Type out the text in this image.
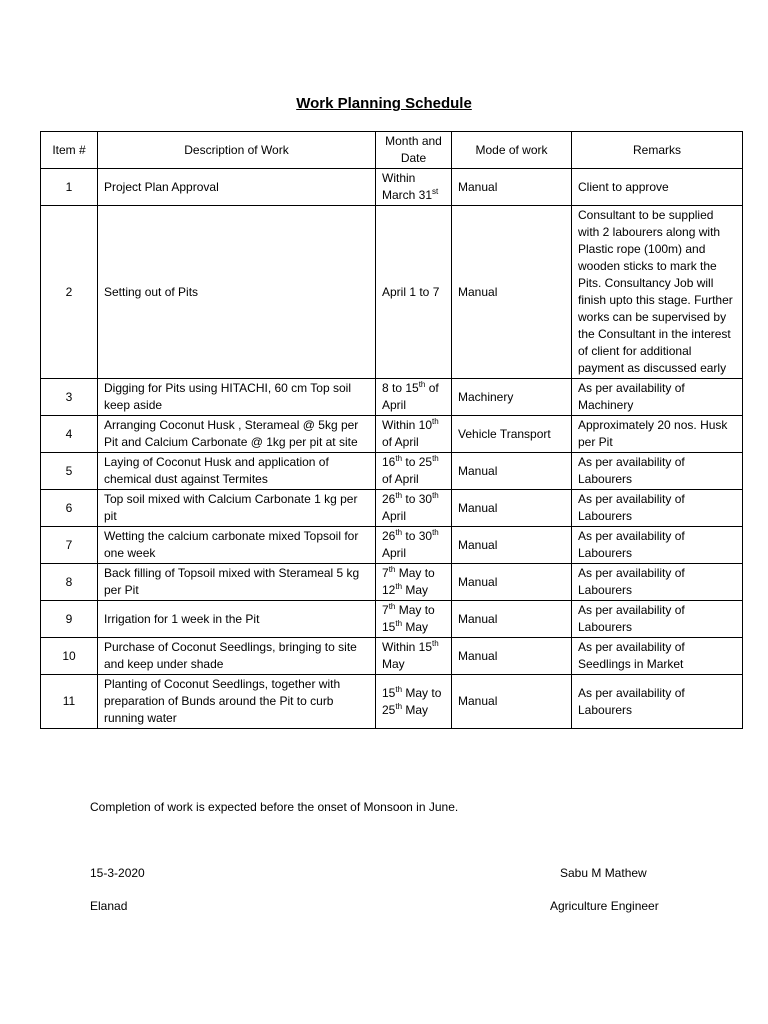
Work Planning Schedule
Item #	Description of Work	Month and Date	Mode of work	Remarks
1	Project Plan Approval	Within March 31st	Manual	Client to approve
2	Setting out of Pits	April 1 to 7	Manual	Consultant to be supplied with 2 labourers along with Plastic rope (100m) and wooden sticks to mark the Pits. Consultancy Job will finish upto this stage. Further works can be supervised by the Consultant in the interest of client for additional payment as discussed early
3	Digging for Pits using HITACHI, 60 cm Top soil keep aside	8 to 15th of April	Machinery	As per availability of Machinery
4	Arranging Coconut Husk , Sterameal @ 5kg per Pit and Calcium Carbonate @ 1kg per pit at site	Within 10th of April	Vehicle Transport	Approximately 20 nos. Husk per Pit
5	Laying of Coconut Husk and application of chemical dust against Termites	16th to 25th of April	Manual	As per availability of Labourers
6	Top soil mixed with Calcium Carbonate 1 kg per pit	26th to 30th April	Manual	As per availability of Labourers
7	Wetting the calcium carbonate mixed Topsoil for one week	26th to 30th April	Manual	As per availability of Labourers
8	Back filling of Topsoil mixed with Sterameal 5 kg per Pit	7th May to 12th May	Manual	As per availability of Labourers
9	Irrigation for 1 week in the Pit	7th May to 15th May	Manual	As per availability of Labourers
10	Purchase of Coconut Seedlings, bringing to site and keep under shade	Within 15th May	Manual	As per availability of Seedlings in Market
11	Planting of Coconut Seedlings, together with preparation of Bunds around the Pit to curb running water	15th May to 25th May	Manual	As per availability of Labourers
Completion of work is expected before the onset of Monsoon in June.
15-3-2020
Elanad
Sabu M Mathew
Agriculture Engineer
